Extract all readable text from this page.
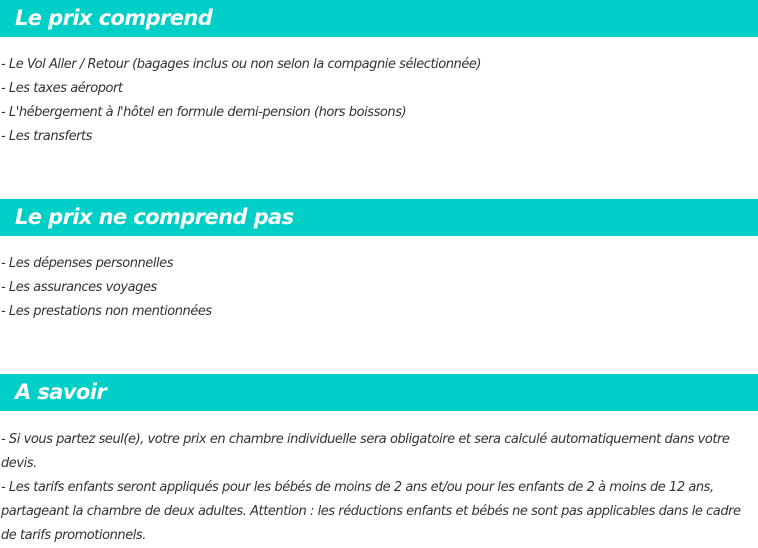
Le prix comprend
- Le Vol Aller / Retour (bagages inclus ou non selon la compagnie sélectionnée)
- Les taxes aéroport
- L'hébergement à l'hôtel en formule demi-pension (hors boissons)
- Les transferts
Le prix ne comprend pas
- Les dépenses personnelles
- Les assurances voyages
- Les prestations non mentionnées
A savoir
- Si vous partez seul(e), votre prix en chambre individuelle sera obligatoire et sera calculé automatiquement dans votre devis.
- Les tarifs enfants seront appliqués pour les bébés de moins de 2 ans et/ou pour les enfants de 2 à moins de 12 ans, partageant la chambre de deux adultes. Attention : les réductions enfants et bébés ne sont pas applicables dans le cadre de tarifs promotionnels.
